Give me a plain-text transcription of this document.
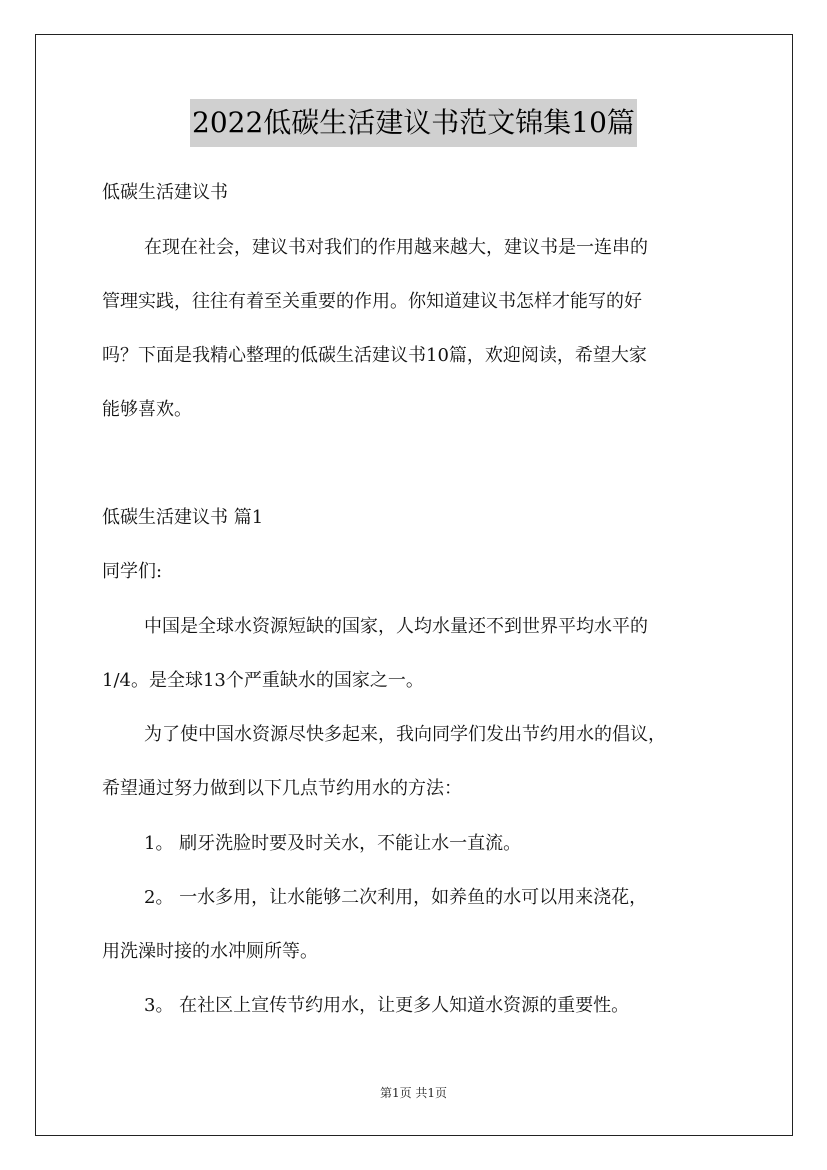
2022低碳生活建议书范文锦集10篇
低碳生活建议书
在现在社会，建议书对我们的作用越来越大，建议书是一连串的
管理实践，往往有着至关重要的作用。你知道建议书怎样才能写的好
吗？下面是我精心整理的低碳生活建议书10篇，欢迎阅读，希望大家
能够喜欢。
低碳生活建议书 篇1
同学们:
中国是全球水资源短缺的国家，人均水量还不到世界平均水平的
1/4。是全球13个严重缺水的国家之一。
为了使中国水资源尽快多起来，我向同学们发出节约用水的倡议，
希望通过努力做到以下几点节约用水的方法：
1。 刷牙洗脸时要及时关水，不能让水一直流。
2。 一水多用，让水能够二次利用，如养鱼的水可以用来浇花，
用洗澡时接的水冲厕所等。
3。 在社区上宣传节约用水，让更多人知道水资源的重要性。
第1页 共1页
